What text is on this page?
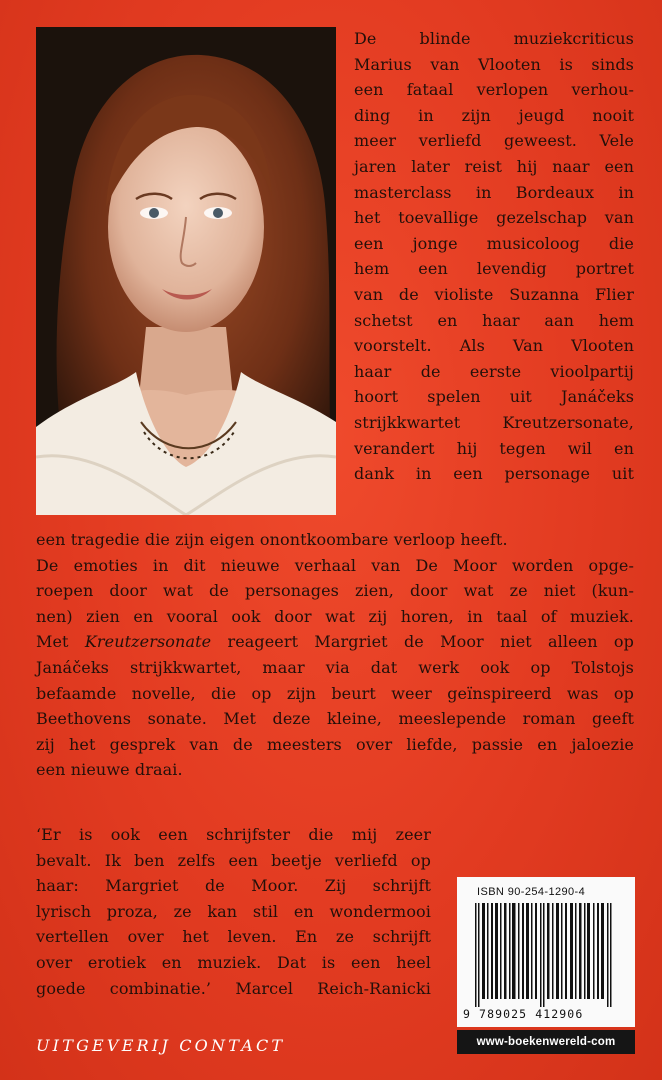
De blinde muziekcriticus

Marius van Vlooten is sinds

een fataal verlopen verhou-

ding in zijn jeugd nooit

meer verliefd geweest. Vele

jaren later reist hij naar een

masterclass in Bordeaux in

het toevallige gezelschap van

een jonge musicoloog die

hem een levendig portret

van de violiste Suzanna Flier

schetst en haar aan hem

voorstelt. Als Van Vlooten

haar de eerste vioolpartij

hoort spelen uit Janáčeks

strijkkwartet Kreutzersonate,

verandert hij tegen wil en

dank in een personage uit

een tragedie die zijn eigen onontkoombare verloop heeft.

De emoties in dit nieuwe verhaal van De Moor worden opge-

roepen door wat de personages zien, door wat ze niet (kun-

nen) zien en vooral ook door wat zij horen, in taal of muziek.

Met Kreutzersonate reageert Margriet de Moor niet alleen op

Janáčeks strijkkwartet, maar via dat werk ook op Tolstojs

befaamde novelle, die op zijn beurt weer geïnspireerd was op

Beethovens sonate. Met deze kleine, meeslepende roman geeft

zij het gesprek van de meesters over liefde, passie en jaloezie

een nieuwe draai.

‘Er is ook een schrijfster die mij zeer

bevalt. Ik ben zelfs een beetje verliefd op

haar: Margriet de Moor. Zij schrijft

lyrisch proza, ze kan stil en wondermooi

vertellen over het leven. En ze schrijft

over erotiek en muziek. Dat is een heel

goede combinatie.’ Marcel Reich-Ranicki

UITGEVERIJ CONTACT
ISBN 90-254-1290-4
9 789025 412906
www-boekenwereld-com
